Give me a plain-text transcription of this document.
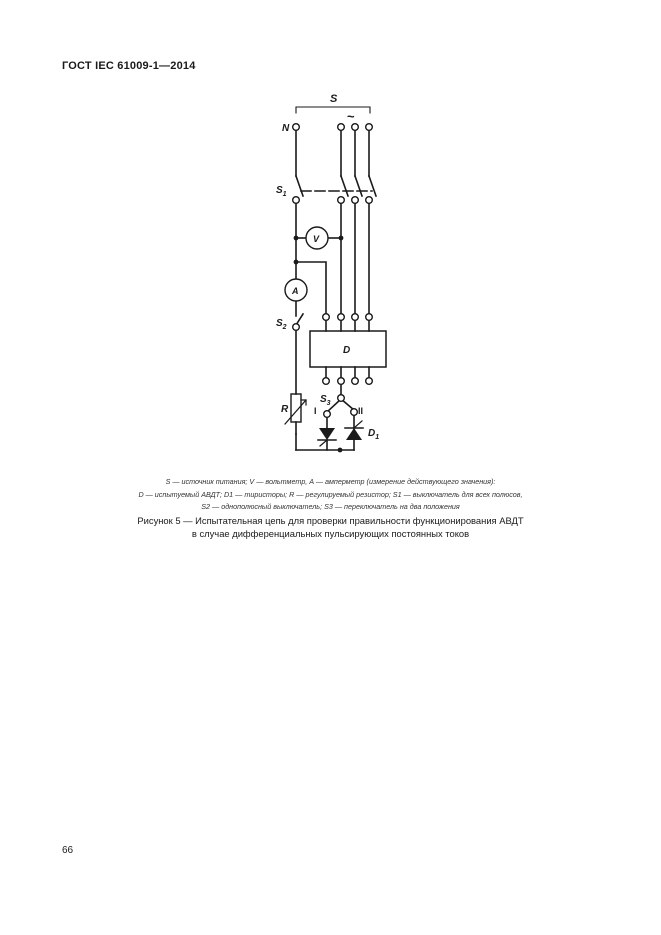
ГОСТ IEC 61009-1—2014
S
N
~
$S_1$
V
A
$S_2$
D
R
$S_3$
I	II
$D_1$
S — источник питания; V — вольтметр, A — амперметр (измерение действующего значения):
D — испытуемый АВДТ; D1 — тиристоры; R — регулируемый резистор; S1 — выключатель для всех полюсов,
S2 — однополюсный выключатель; S3 — переключатель на два положения
Рисунок 5 — Испытательная цепь для проверки правильности функционирования АВДТ
в случае дифференциальных пульсирующих постоянных токов
66
